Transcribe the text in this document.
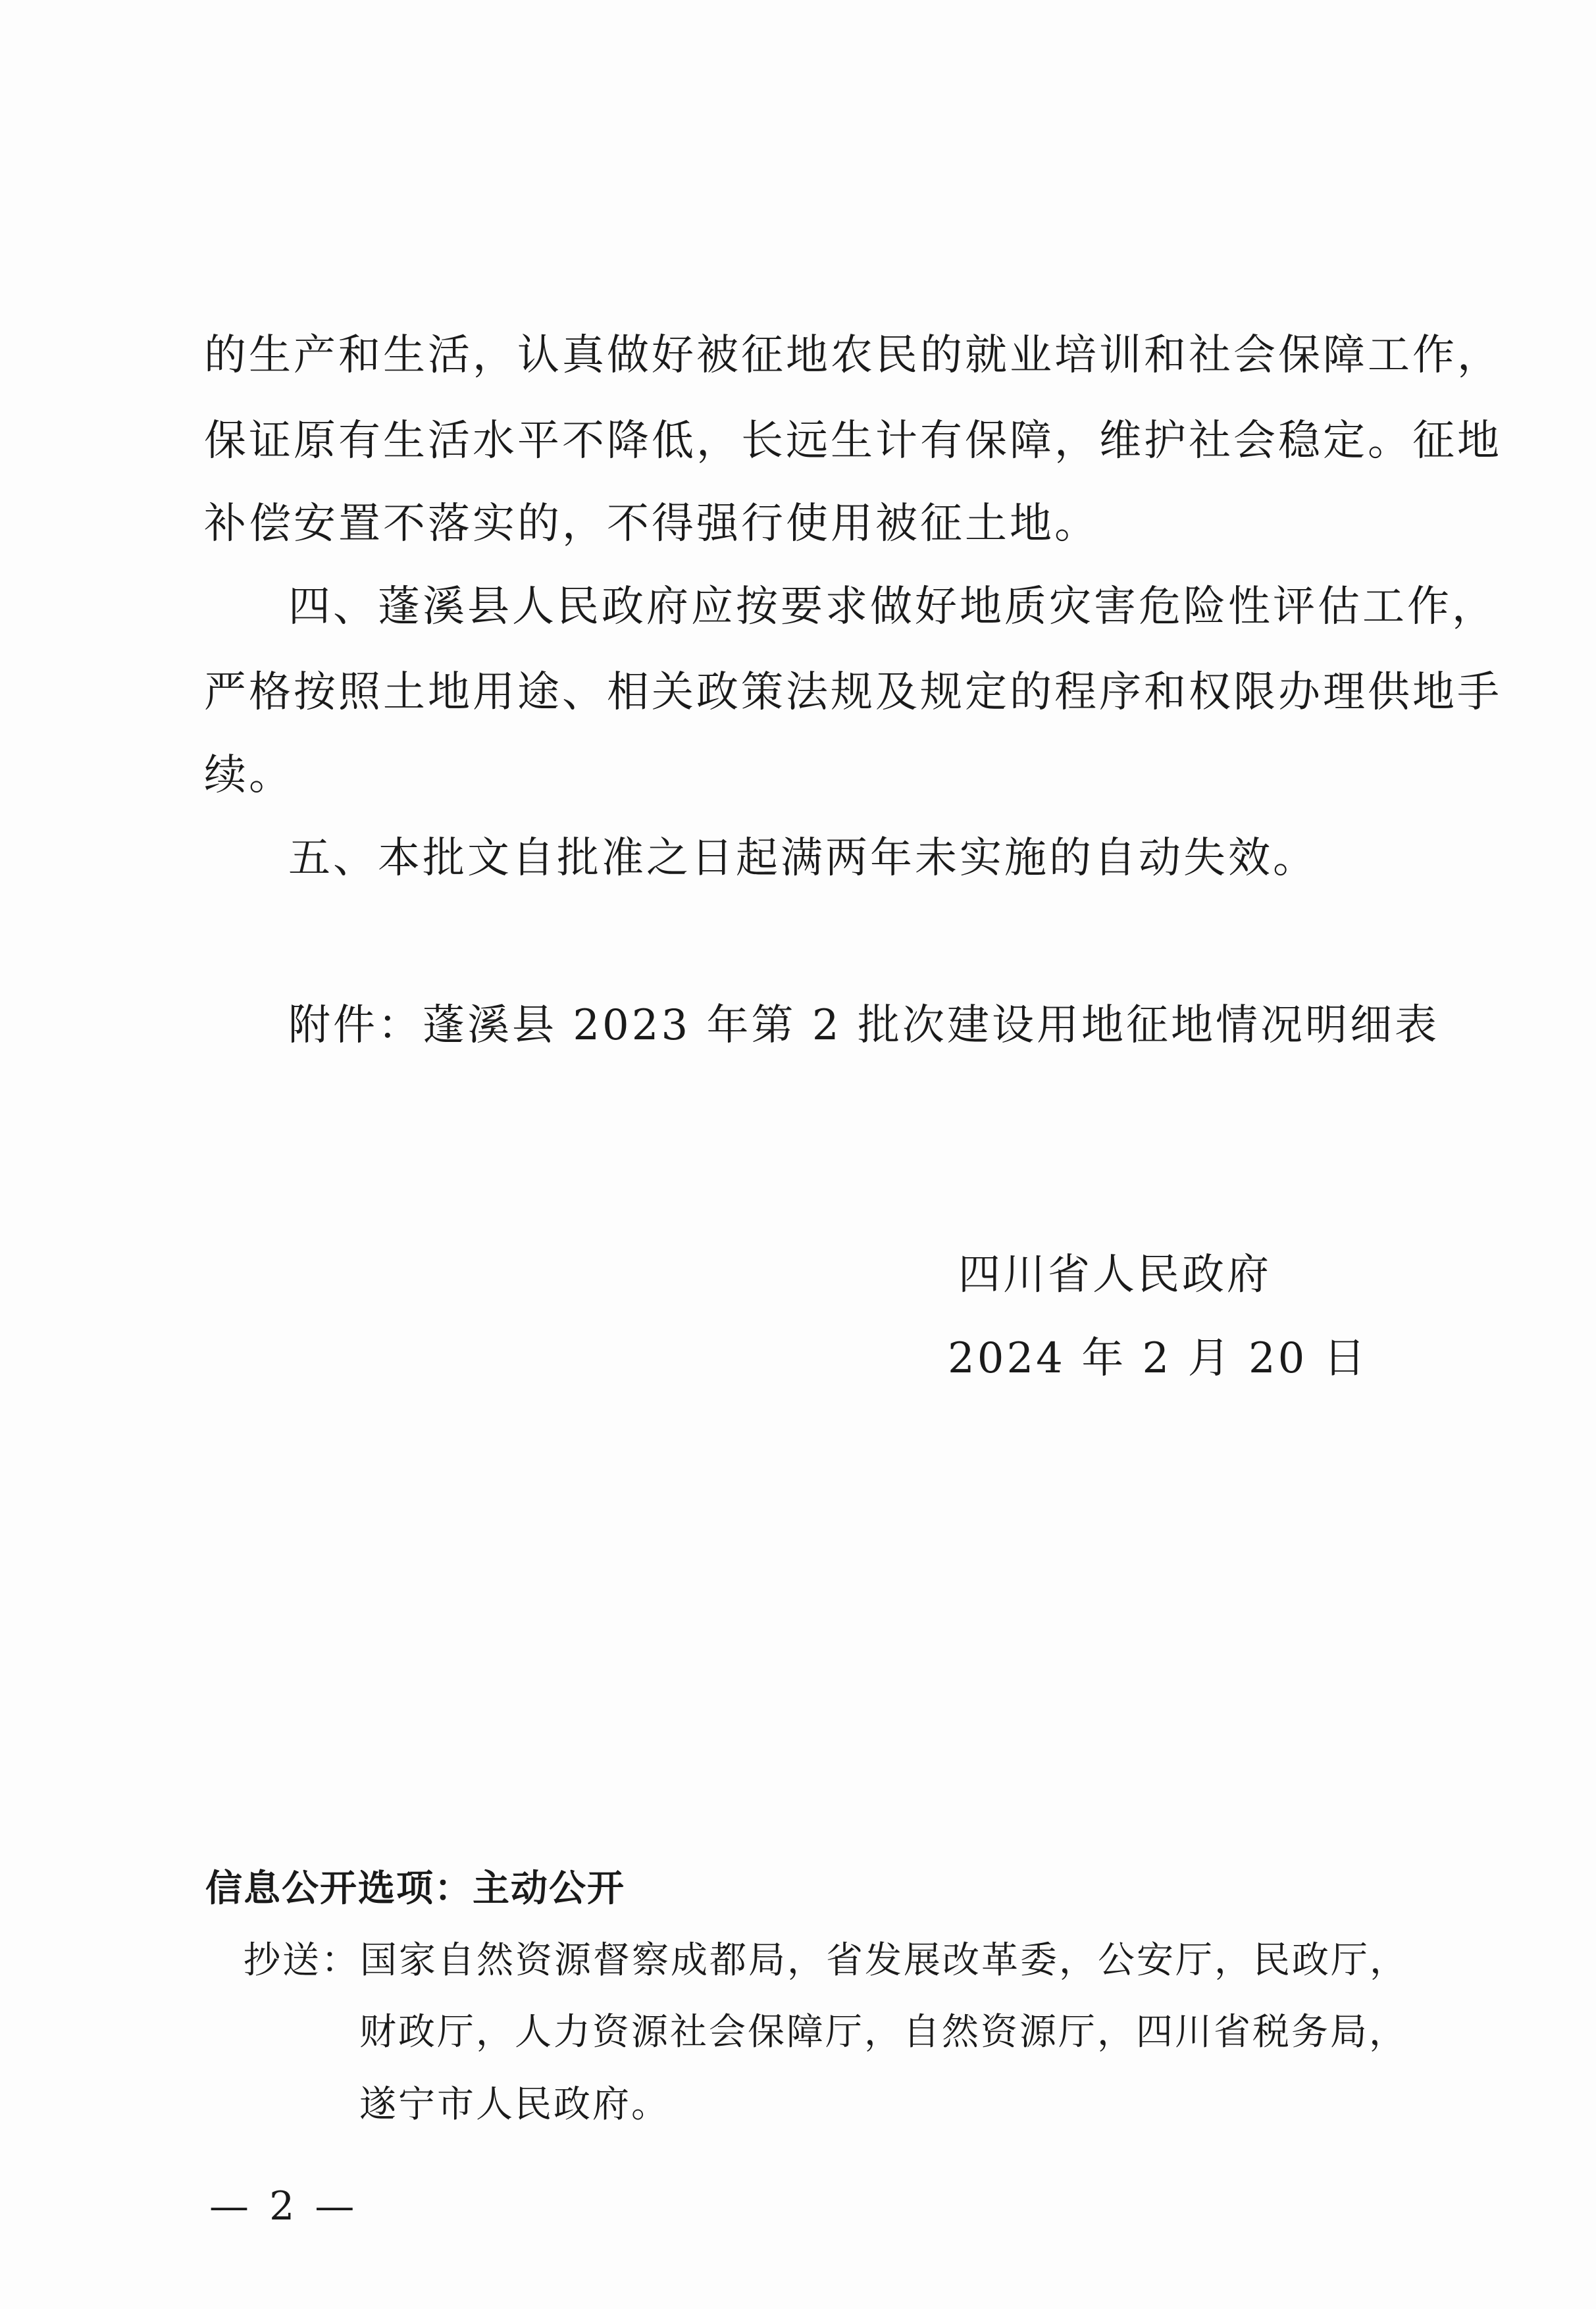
的生产和生活，认真做好被征地农民的就业培训和社会保障工作，
保证原有生活水平不降低，长远生计有保障，维护社会稳定。征地
补偿安置不落实的，不得强行使用被征土地。
四、蓬溪县人民政府应按要求做好地质灾害危险性评估工作，
严格按照土地用途、相关政策法规及规定的程序和权限办理供地手
续。
五、本批文自批准之日起满两年未实施的自动失效。
附件：蓬溪县 2023 年第 2 批次建设用地征地情况明细表
四川省人民政府
2024 年 2 月 20 日
信息公开选项：主动公开
抄送：国家自然资源督察成都局，省发展改革委，公安厅，民政厅，
财政厅，人力资源社会保障厅，自然资源厅，四川省税务局，
遂宁市人民政府。
— 2 —
